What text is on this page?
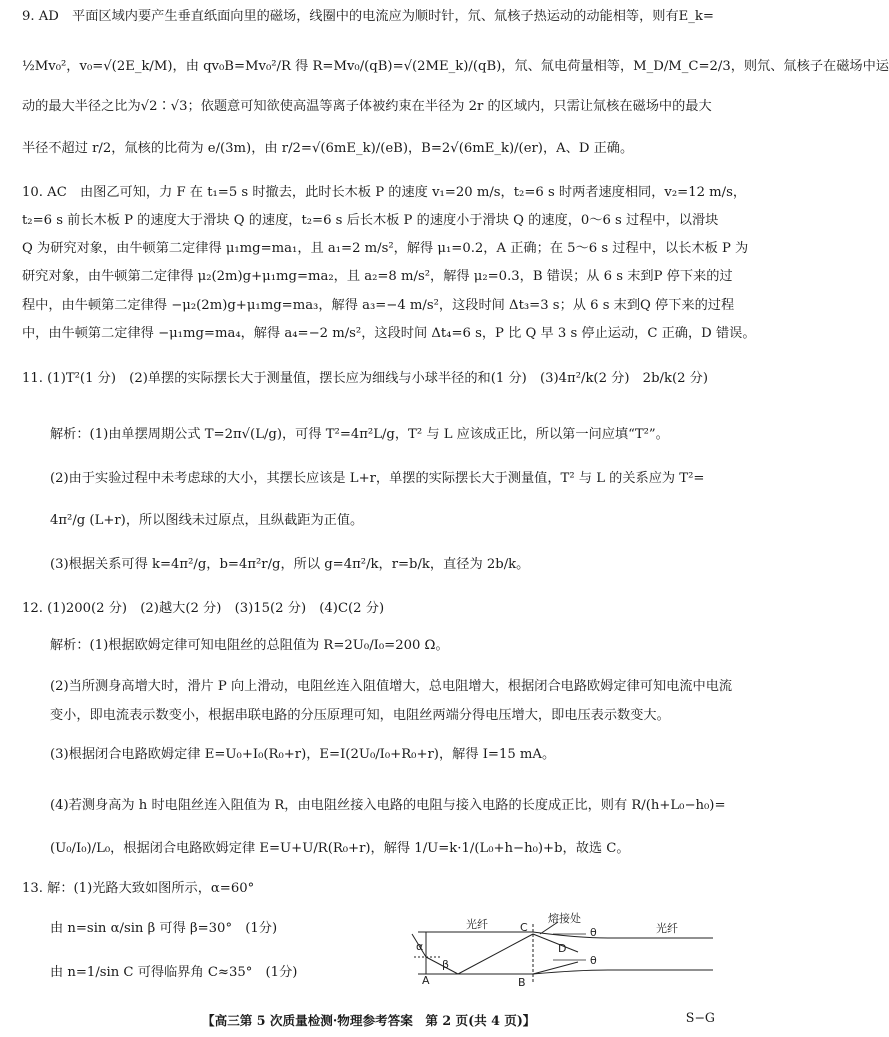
9. AD　平面区域内要产生垂直纸面向里的磁场，线圈中的电流应为顺时针，氘、氚核子热运动的动能相等，则有E_k=
½Mv₀²，v₀=√(2E_k/M)，由 qv₀B=Mv₀²/R 得 R=Mv₀/(qB)=√(2ME_k)/(qB)，氘、氚电荷量相等，M_D/M_C=2/3，则氘、氚核子在磁场中运
动的最大半径之比为√2∶√3；依题意可知欲使高温等离子体被约束在半径为 2r 的区域内，只需让氚核在磁场中的最大
半径不超过 r/2，氚核的比荷为 e/(3m)，由 r/2=√(6mE_k)/(eB)，B=2√(6mE_k)/(er)，A、D 正确。
10. AC　由图乙可知，力 F 在 t₁=5 s 时撤去，此时长木板 P 的速度 v₁=20 m/s，t₂=6 s 时两者速度相同，v₂=12 m/s，
t₂=6 s 前长木板 P 的速度大于滑块 Q 的速度，t₂=6 s 后长木板 P 的速度小于滑块 Q 的速度，0～6 s 过程中，以滑块
Q 为研究对象，由牛顿第二定律得 μ₁mg=ma₁，且 a₁=2 m/s²，解得 μ₁=0.2，A 正确；在 5～6 s 过程中，以长木板 P 为
研究对象，由牛顿第二定律得 μ₂(2m)g+μ₁mg=ma₂，且 a₂=8 m/s²，解得 μ₂=0.3，B 错误；从 6 s 末到P 停下来的过
程中，由牛顿第二定律得 −μ₂(2m)g+μ₁mg=ma₃，解得 a₃=−4 m/s²，这段时间 Δt₃=3 s；从 6 s 末到Q 停下来的过程
中，由牛顿第二定律得 −μ₁mg=ma₄，解得 a₄=−2 m/s²，这段时间 Δt₄=6 s，P 比 Q 早 3 s 停止运动，C 正确，D 错误。
11. (1)T²(1 分)　(2)单摆的实际摆长大于测量值，摆长应为细线与小球半径的和(1 分)　(3)4π²/k(2 分)　2b/k(2 分)
解析：(1)由单摆周期公式 T=2π√(L/g)，可得 T²=4π²L/g，T² 与 L 应该成正比，所以第一问应填“T²”。
(2)由于实验过程中未考虑球的大小，其摆长应该是 L+r，单摆的实际摆长大于测量值，T² 与 L 的关系应为 T²=
4π²/g (L+r)，所以图线未过原点，且纵截距为正值。
(3)根据关系可得 k=4π²/g，b=4π²r/g，所以 g=4π²/k，r=b/k，直径为 2b/k。
12. (1)200(2 分)　(2)越大(2 分)　(3)15(2 分)　(4)C(2 分)
解析：(1)根据欧姆定律可知电阻丝的总阻值为 R=2U₀/I₀=200 Ω。
(2)当所测身高增大时，滑片 P 向上滑动，电阻丝连入阻值增大，总电阻增大，根据闭合电路欧姆定律可知电流中电流
变小，即电流表示数变小，根据串联电路的分压原理可知，电阻丝两端分得电压增大，即电压表示数变大。
(3)根据闭合电路欧姆定律 E=U₀+I₀(R₀+r)，E=I(2U₀/I₀+R₀+r)，解得 I=15 mA。
(4)若测身高为 h 时电阻丝连入阻值为 R，由电阻丝接入电路的电阻与接入电路的长度成正比，则有 R/(h+L₀−h₀)=
(U₀/I₀)/L₀，根据闭合电路欧姆定律 E=U+U/R(R₀+r)，解得 1/U=k·1/(L₀+h−h₀)+b，故选 C。
13. 解：(1)光路大致如图所示，α=60°
由 n=sin α/sin β 可得 β=30°　(1分)
由 n=1/sin C 可得临界角 C≈35°　(1分)
光纤	光纤
熔接处
C
D
A	B
α
β
θ
θ
【高三第 5 次质量检测·物理参考答案　第 2 页(共 4 页)】	S−G
